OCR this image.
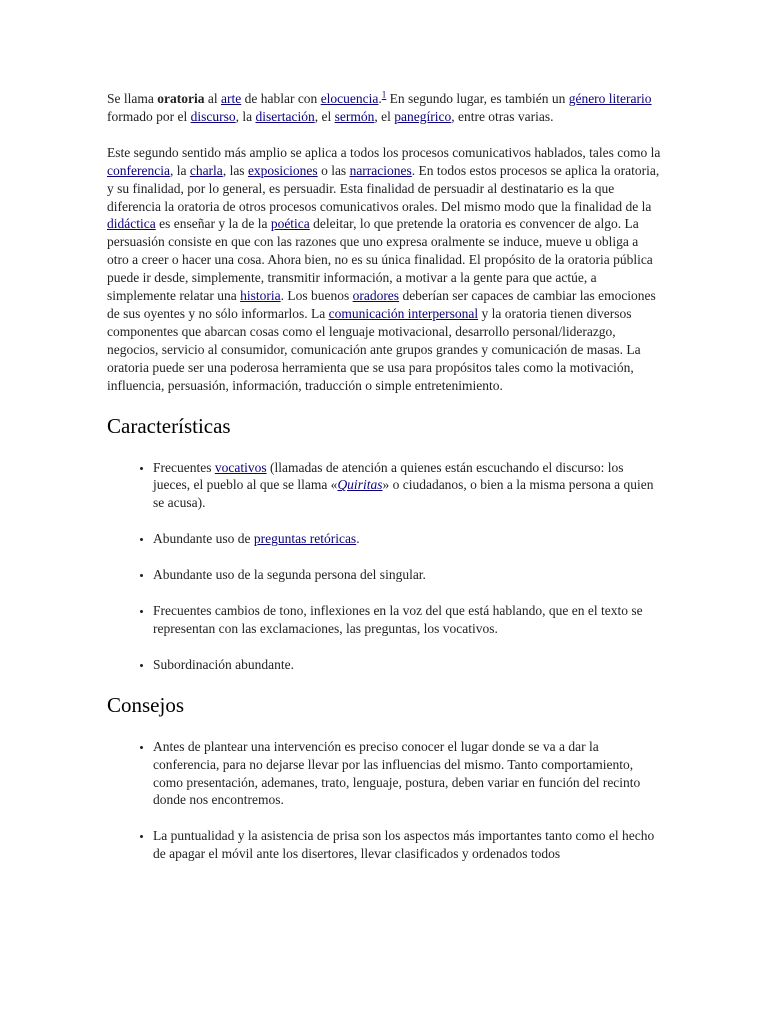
Se llama oratoria al arte de hablar con elocuencia.$^1$ En segundo lugar, es también un género literario formado por el discurso, la disertación, el sermón, el panegírico, entre otras varias.

Este segundo sentido más amplio se aplica a todos los procesos comunicativos hablados, tales como la conferencia, la charla, las exposiciones o las narraciones. En todos estos procesos se aplica la oratoria, y su finalidad, por lo general, es persuadir. Esta finalidad de persuadir al destinatario es la que diferencia la oratoria de otros procesos comunicativos orales. Del mismo modo que la finalidad de la didáctica es enseñar y la de la poética deleitar, lo que pretende la oratoria es convencer de algo. La persuasión consiste en que con las razones que uno expresa oralmente se induce, mueve u obliga a otro a creer o hacer una cosa. Ahora bien, no es su única finalidad. El propósito de la oratoria pública puede ir desde, simplemente, transmitir información, a motivar a la gente para que actúe, a simplemente relatar una historia. Los buenos oradores deberían ser capaces de cambiar las emociones de sus oyentes y no sólo informarlos. La comunicación interpersonal y la oratoria tienen diversos componentes que abarcan cosas como el lenguaje motivacional, desarrollo personal/liderazgo, negocios, servicio al consumidor, comunicación ante grupos grandes y comunicación de masas. La oratoria puede ser una poderosa herramienta que se usa para propósitos tales como la motivación, influencia, persuasión, información, traducción o simple entretenimiento.

Características
• Frecuentes vocativos (llamadas de atención a quienes están escuchando el discurso: los jueces, el pueblo al que se llama «Quiritas» o ciudadanos, o bien a la misma persona a quien se acusa).
• Abundante uso de preguntas retóricas.
• Abundante uso de la segunda persona del singular.
• Frecuentes cambios de tono, inflexiones en la voz del que está hablando, que en el texto se representan con las exclamaciones, las preguntas, los vocativos.
• Subordinación abundante.
Consejos
• Antes de plantear una intervención es preciso conocer el lugar donde se va a dar la conferencia, para no dejarse llevar por las influencias del mismo. Tanto comportamiento, como presentación, ademanes, trato, lenguaje, postura, deben variar en función del recinto donde nos encontremos.
• La puntualidad y la asistencia de prisa son los aspectos más importantes tanto como el hecho de apagar el móvil ante los disertores, llevar clasificados y ordenados todos
